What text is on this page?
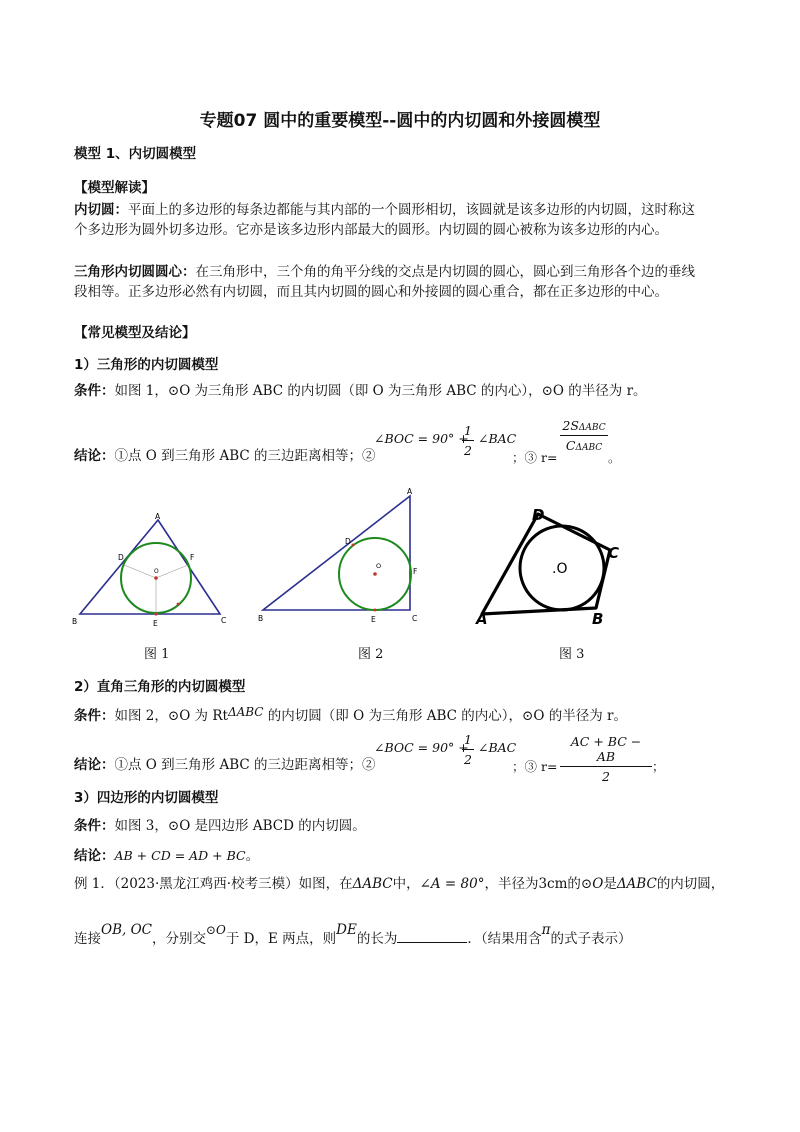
专题07 圆中的重要模型--圆中的内切圆和外接圆模型
模型 1、内切圆模型
【模型解读】
内切圆：平面上的多边形的每条边都能与其内部的一个圆形相切，该圆就是该多边形的内切圆，这时称这
个多边形为圆外切多边形。它亦是该多边形内部最大的圆形。内切圆的圆心被称为该多边形的内心。
三角形内切圆圆心：在三角形中，三个角的角平分线的交点是内切圆的圆心，圆心到三角形各个边的垂线
段相等。正多边形必然有内切圆，而且其内切圆的圆心和外接圆的圆心重合，都在正多边形的中心。
【常见模型及结论】
1）三角形的内切圆模型
条件：如图 1，⊙O 为三角形 ABC 的内切圆（即 O 为三角形 ABC 的内心），⊙O 的半径为 r。
结论：①点 O 到三角形 ABC 的三边距离相等；②
∠BOC = 90° +
1
2
∠BAC
；③ r=
2SΔABC
CΔABC
。
A
B	C
D
E
F
O
A
B	C
D
E
F
O
D
C
A	B
.O
图 1	图 2	图 3
2）直角三角形的内切圆模型
条件：如图 2，⊙O 为 RtΔABC 的内切圆（即 O 为三角形 ABC 的内心），⊙O 的半径为 r。
结论：①点 O 到三角形 ABC 的三边距离相等；②
∠BOC = 90° +
1
2
∠BAC
；③ r=
AC + BC − AB
2
；
3）四边形的内切圆模型
条件：如图 3，⊙O 是四边形 ABCD 的内切圆。
结论：AB + CD = AD + BC。
例 1．（2023·黑龙江鸡西·校考三模）如图，在ΔABC中，∠A = 80°，半径为3cm的⊙O是ΔABC的内切圆，
连接OB, OC，分别交⊙O于 D，E 两点，则DE的长为	．（结果用含π的式子表示）
